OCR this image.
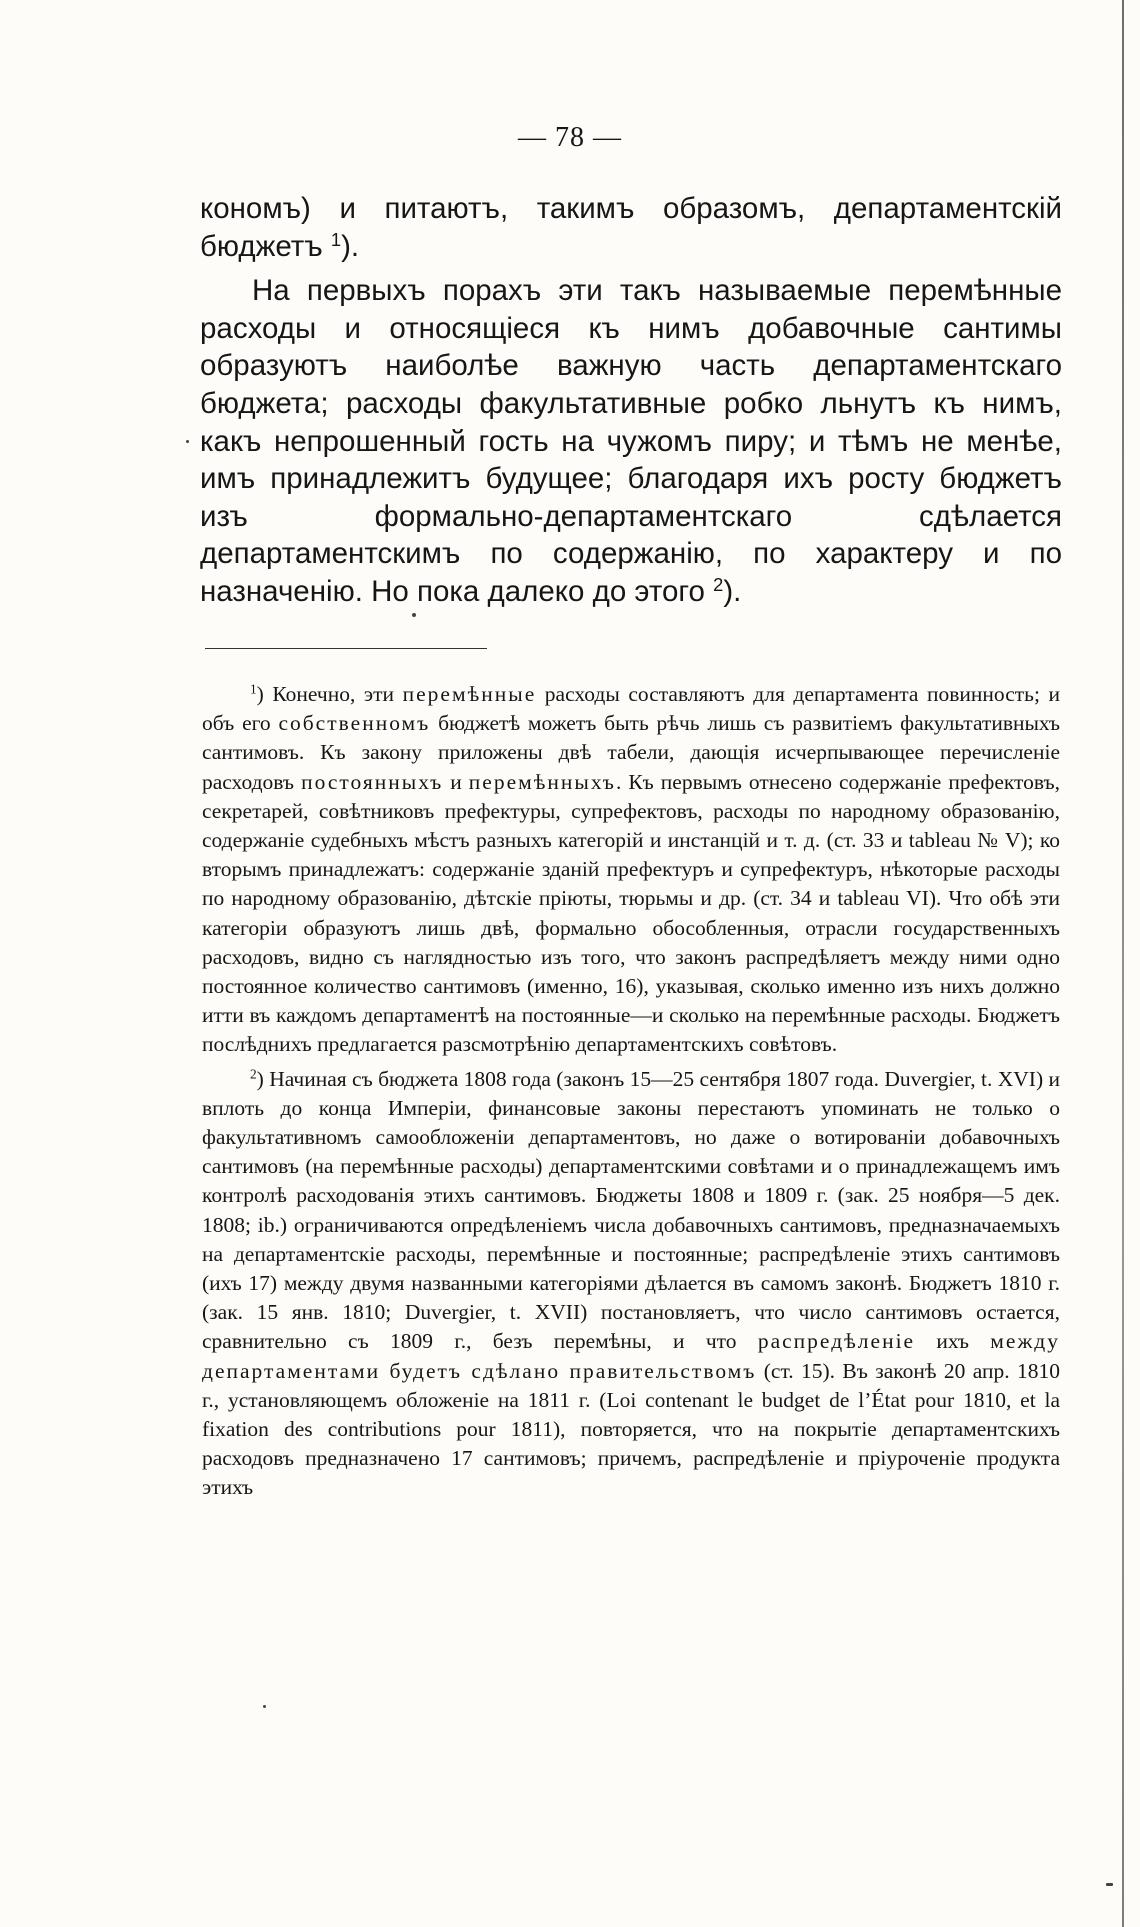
— 78 —

кономъ) и питаютъ, такимъ образомъ, департаментскій бюджетъ $^1$).

На первыхъ порахъ эти такъ называемые перемѣнные расходы и относящіеся къ нимъ добавочные сантимы образуютъ наиболѣе важную часть департаментскаго бюджета; расходы факультативные робко льнутъ къ нимъ, какъ непрошенный гость на чужомъ пиру; и тѣмъ не менѣе, имъ принадлежитъ будущее; благодаря ихъ росту бюджетъ изъ формально-департаментскаго сдѣлается департаментскимъ по содержанію, по характеру и по назначенію. Но пока далеко до этого $^2$).

$^1$) Конечно, эти перемѣнные расходы составляютъ для департамента повинность; и объ его собственномъ бюджетѣ можетъ быть рѣчь лишь съ развитіемъ факультативныхъ сантимовъ. Къ закону приложены двѣ табели, дающія исчерпывающее перечисленіе расходовъ постоянныхъ и перемѣнныхъ. Къ первымъ отнесено содержаніе префектовъ, секретарей, совѣтниковъ префектуры, супрефектовъ, расходы по народному образованію, содержаніе судебныхъ мѣстъ разныхъ категорій и инстанцій и т. д. (ст. 33 и tableau № V); ко вторымъ принадлежатъ: содержаніе зданій префектуръ и супрефектуръ, нѣкоторые расходы по народному образованію, дѣтскіе пріюты, тюрьмы и др. (ст. 34 и tableau VI). Что обѣ эти категоріи образуютъ лишь двѣ, формально обособленныя, отрасли государственныхъ расходовъ, видно съ наглядностью изъ того, что законъ распредѣляетъ между ними одно постоянное количество сантимовъ (именно, 16), указывая, сколько именно изъ нихъ должно итти въ каждомъ департаментѣ на постоянные—и сколько на перемѣнные расходы. Бюджетъ послѣднихъ предлагается разсмотрѣнію департаментскихъ совѣтовъ.

$^2$) Начиная съ бюджета 1808 года (законъ 15—25 сентября 1807 года. Duvergier, t. XVI) и вплоть до конца Имперіи, финансовые законы перестаютъ упоминать не только о факультативномъ самообложеніи департаментовъ, но даже о вотированіи добавочныхъ сантимовъ (на перемѣнные расходы) департаментскими совѣтами и о принадлежащемъ имъ контролѣ расходованія этихъ сантимовъ. Бюджеты 1808 и 1809 г. (зак. 25 ноября—5 дек. 1808; ib.) ограничиваются опредѣленіемъ числа добавочныхъ сантимовъ, предназначаемыхъ на департаментскіе расходы, перемѣнные и постоянные; распредѣленіе этихъ сантимовъ (ихъ 17) между двумя названными категоріями дѣлается въ самомъ законѣ. Бюджетъ 1810 г. (зак. 15 янв. 1810; Duvergier, t. XVII) постановляетъ, что число сантимовъ остается, сравнительно съ 1809 г., безъ перемѣны, и что распредѣленіе ихъ между департаментами будетъ сдѣлано правительствомъ (ст. 15). Въ законѣ 20 апр. 1810 г., установляющемъ обложеніе на 1811 г. (Loi contenant le budget de l’État pour 1810, et la fixation des contributions pour 1811), повторяется, что на покрытіе департаментскихъ расходовъ предназначено 17 сантимовъ; причемъ, распредѣленіе и пріуроченіе продукта этихъ
